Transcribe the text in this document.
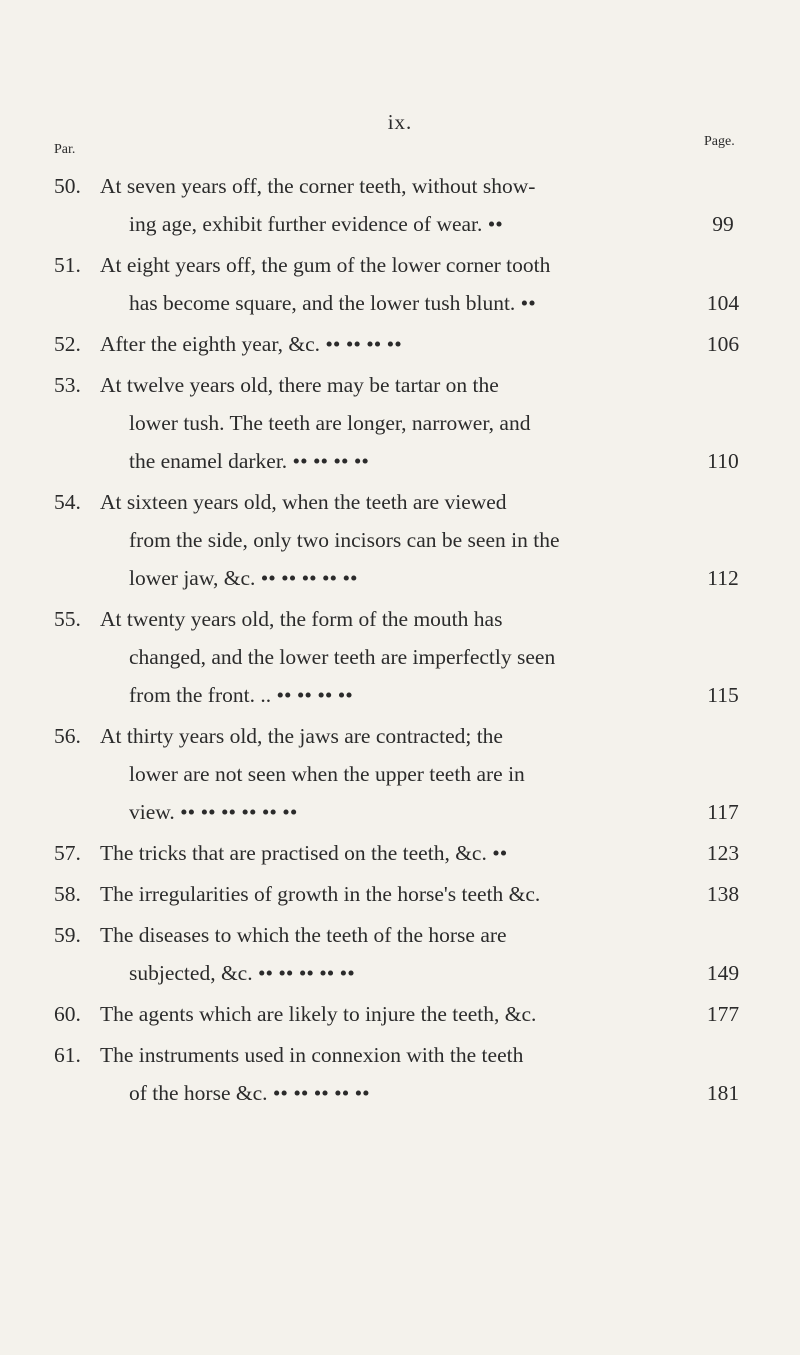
ix.
Par.
Page.
50. At seven years off, the corner teeth, without show-
ing age, exhibit further evidence of wear. ••	99
51. At eight years off, the gum of the lower corner tooth
has become square, and the lower tush blunt. ••	104
52. After the eighth year, &c. •• •• •• ••	106
53. At twelve years old, there may be tartar on the
lower tush. The teeth are longer, narrower, and
the enamel darker. •• •• •• ••	110
54. At sixteen years old, when the teeth are viewed
from the side, only two incisors can be seen in the
lower jaw, &c. •• •• •• •• ••	112
55. At twenty years old, the form of the mouth has
changed, and the lower teeth are imperfectly seen
from the front. .. •• •• •• ••	115
56. At thirty years old, the jaws are contracted; the
lower are not seen when the upper teeth are in
view. •• •• •• •• •• ••	117
57. The tricks that are practised on the teeth, &c. ••	123
58. The irregularities of growth in the horse's teeth &c.	138
59. The diseases to which the teeth of the horse are
subjected, &c. •• •• •• •• ••	149
60. The agents which are likely to injure the teeth, &c.	177
61. The instruments used in connexion with the teeth
of the horse &c. •• •• •• •• ••	181
